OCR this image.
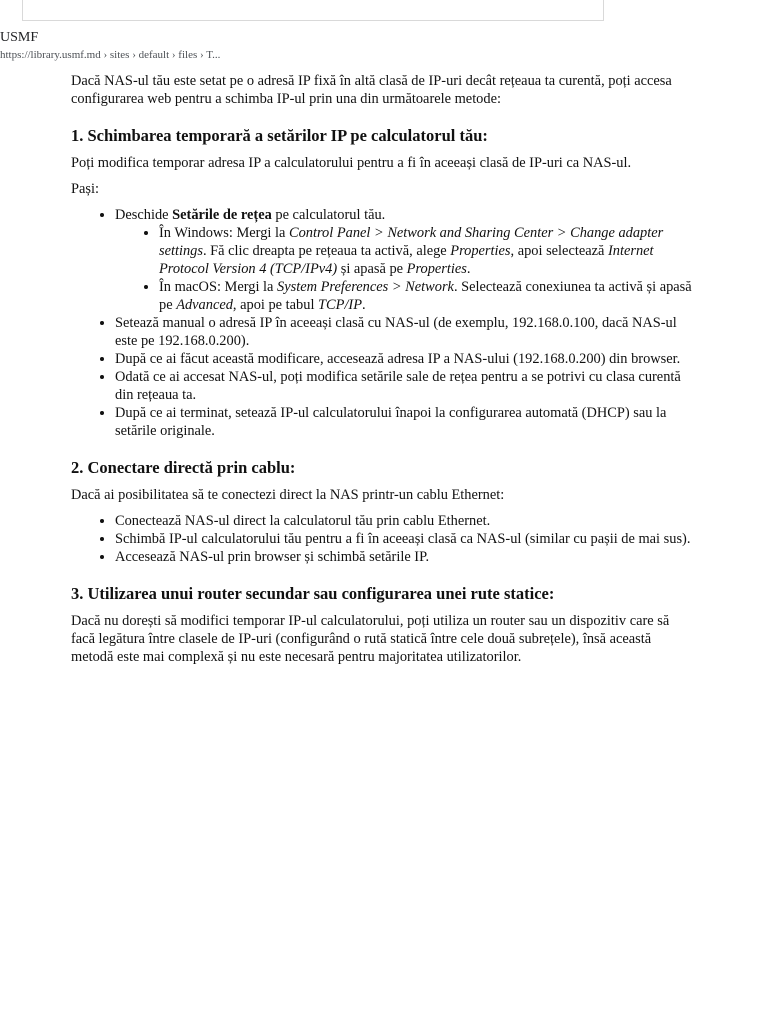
USMF
https://library.usmf.md › sites › default › files › T...

Dacă NAS-ul tău este setat pe o adresă IP fixă în altă clasă de IP-uri decât rețeaua ta curentă, poți accesa configurarea web pentru a schimba IP-ul prin una din următoarele metode:

1. Schimbarea temporară a setărilor IP pe calculatorul tău:

Poți modifica temporar adresa IP a calculatorului pentru a fi în aceeași clasă de IP-uri ca NAS-ul.

Pași:

• Deschide Setările de rețea pe calculatorul tău.
• În Windows: Mergi la Control Panel > Network and Sharing Center > Change adapter settings. Fă clic dreapta pe rețeaua ta activă, alege Properties, apoi selectează Internet Protocol Version 4 (TCP/IPv4) și apasă pe Properties.
• În macOS: Mergi la System Preferences > Network. Selectează conexiunea ta activă și apasă pe Advanced, apoi pe tabul TCP/IP.
• Setează manual o adresă IP în aceeași clasă cu NAS-ul (de exemplu, 192.168.0.100, dacă NAS-ul este pe 192.168.0.200).
• După ce ai făcut această modificare, accesează adresa IP a NAS-ului (192.168.0.200) din browser.
• Odată ce ai accesat NAS-ul, poți modifica setările sale de rețea pentru a se potrivi cu clasa curentă din rețeaua ta.
• După ce ai terminat, setează IP-ul calculatorului înapoi la configurarea automată (DHCP) sau la setările originale.
2. Conectare directă prin cablu:

Dacă ai posibilitatea să te conectezi direct la NAS printr-un cablu Ethernet:

• Conectează NAS-ul direct la calculatorul tău prin cablu Ethernet.
• Schimbă IP-ul calculatorului tău pentru a fi în aceeași clasă ca NAS-ul (similar cu pașii de mai sus).
• Accesează NAS-ul prin browser și schimbă setările IP.
3. Utilizarea unui router secundar sau configurarea unei rute statice:

Dacă nu dorești să modifici temporar IP-ul calculatorului, poți utiliza un router sau un dispozitiv care să facă legătura între clasele de IP-uri (configurând o rută statică între cele două subrețele), însă această metodă este mai complexă și nu este necesară pentru majoritatea utilizatorilor.
